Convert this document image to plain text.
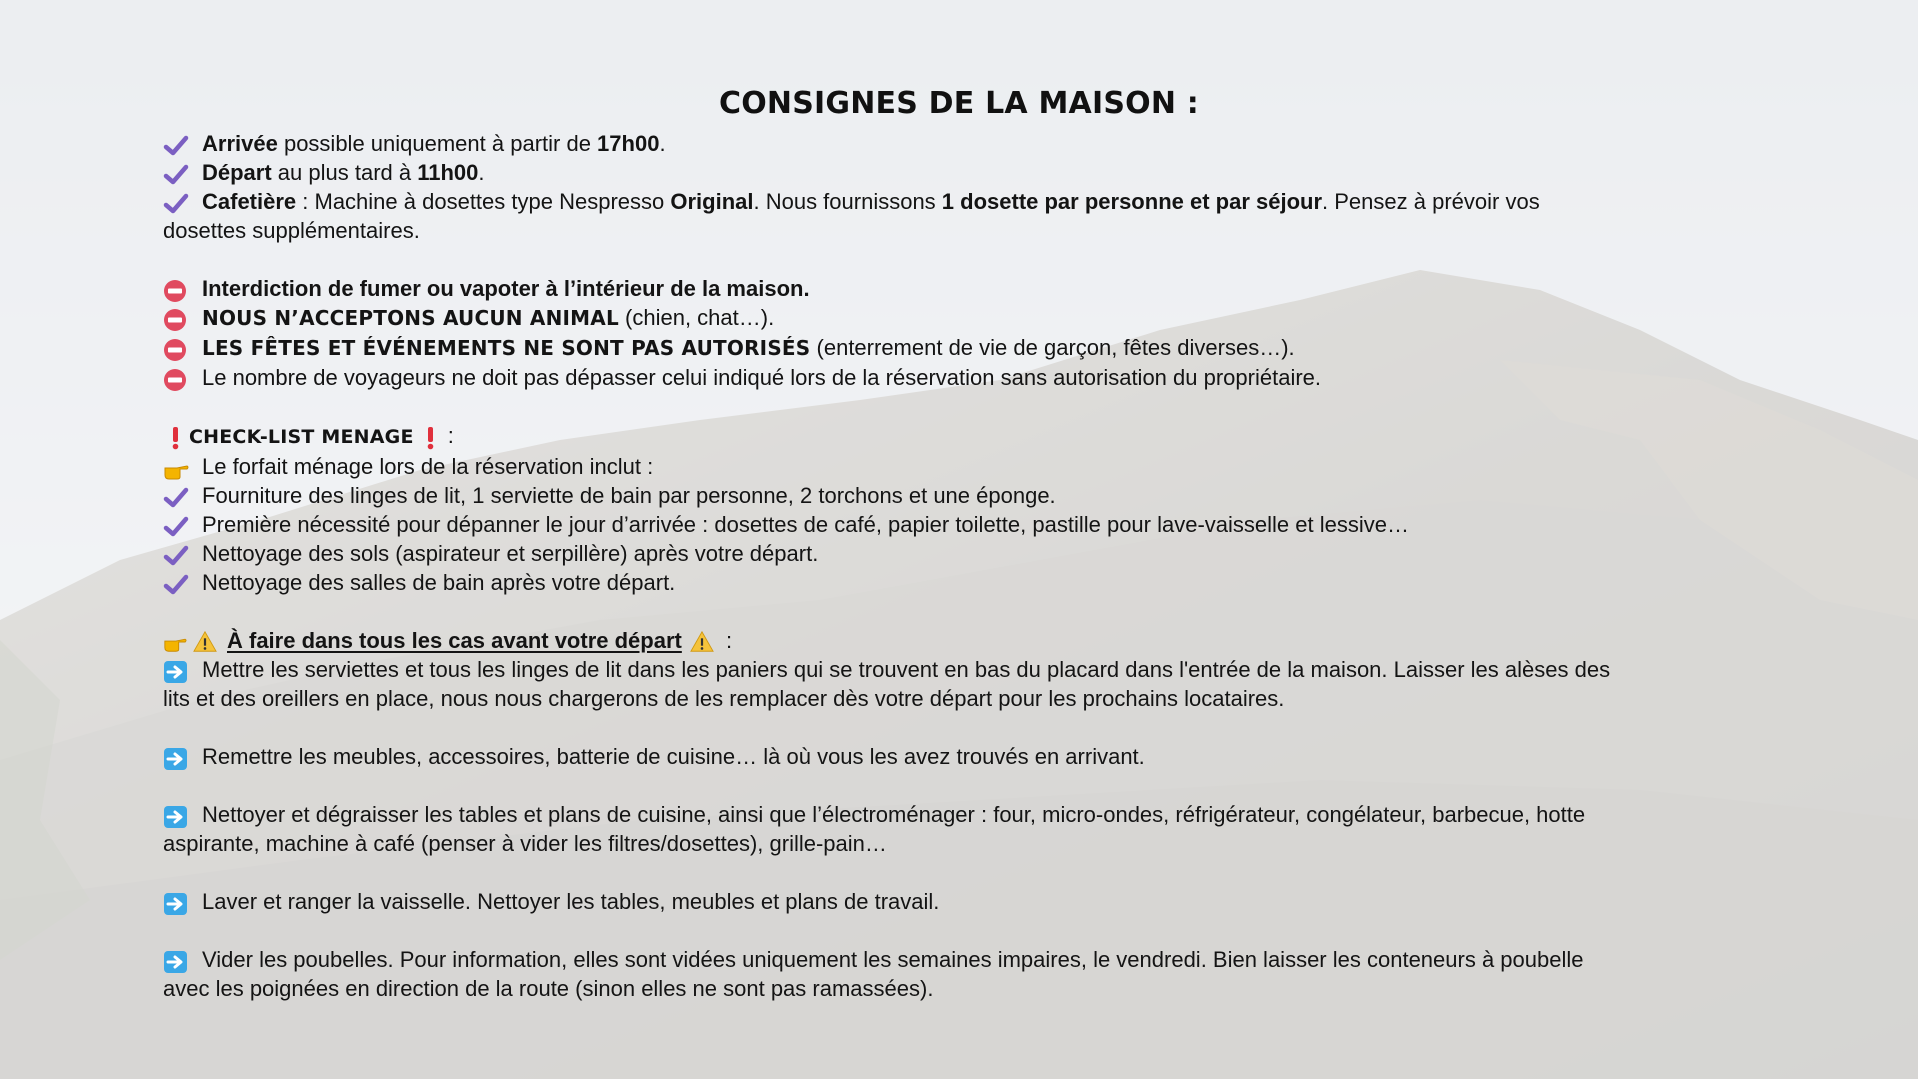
CONSIGNES DE LA MAISON :
Arrivée possible uniquement à partir de 17h00.
Départ au plus tard à 11h00.
Cafetière : Machine à dosettes type Nespresso Original. Nous fournissons 1 dosette par personne et par séjour. Pensez à prévoir vos
dosettes supplémentaires.
Interdiction de fumer ou vapoter à l’intérieur de la maison.
NOUS N’ACCEPTONS AUCUN ANIMAL (chien, chat…).
LES FÊTES ET ÉVÉNEMENTS NE SONT PAS AUTORISÉS (enterrement de vie de garçon, fêtes diverses…).
Le nombre de voyageurs ne doit pas dépasser celui indiqué lors de la réservation sans autorisation du propriétaire.
CHECK-LIST MENAGE
:
Le forfait ménage lors de la réservation inclut :
Fourniture des linges de lit, 1 serviette de bain par personne, 2 torchons et une éponge.
Première nécessité pour dépanner le jour d’arrivée : dosettes de café, papier toilette, pastille pour lave-vaisselle et lessive…
Nettoyage des sols (aspirateur et serpillère) après votre départ.
Nettoyage des salles de bain après votre départ.
À faire dans tous les cas avant votre départ
:
Mettre les serviettes et tous les linges de lit dans les paniers qui se trouvent en bas du placard dans l'entrée de la maison. Laisser les alèses des
lits et des oreillers en place, nous nous chargerons de les remplacer dès votre départ pour les prochains locataires.
Remettre les meubles, accessoires, batterie de cuisine… là où vous les avez trouvés en arrivant.
Nettoyer et dégraisser les tables et plans de cuisine, ainsi que l’électroménager : four, micro-ondes, réfrigérateur, congélateur, barbecue, hotte
aspirante, machine à café (penser à vider les filtres/dosettes), grille-pain…
Laver et ranger la vaisselle. Nettoyer les tables, meubles et plans de travail.
Vider les poubelles. Pour information, elles sont vidées uniquement les semaines impaires, le vendredi. Bien laisser les conteneurs à poubelle
avec les poignées en direction de la route (sinon elles ne sont pas ramassées).
